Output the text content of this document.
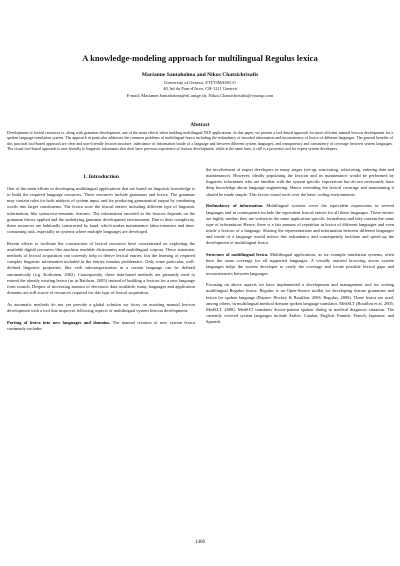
A knowledge-modeling approach for multilingual Regulus lexica
Marianne Santaholma and Nikos Chatzichrisafis
University of Geneva, ETI/TIM/ISSCO
40, bd du Pont-d'Arve, CH-1211 Geneva
E-mail: Marianne.Santaholma@eti.unige.ch; Nikos.Chatzichrisafis@vozzup.com
Abstract
Development of lexical resources is, along with grammar development, one of the main efforts when building multilingual NLP applications. In this paper, we present a tool-based approach for more efficient manual lexicon development for a spoken language translation system. The approach in particular addresses the common problems of multilingual lexica including the redundancy of encoded information and inconsistency of lexica of different languages. The general benefits of this practical tool-based approach are clear and user-friendly lexicon structure, inheritance of information inside of a language and between different system languages, and transparency and consistency of coverage between system languages. The visual tool-based approach is user-friendly to linguistic informants that don't have previous experience of lexicon development, while at the same time, it still is a powerful tool for expert system developers.
1. Introduction

One of the main efforts in developing multilingual applications that are based on linguistic knowledge is to build the required language resources. These resources include grammars and lexica. The grammar may contain rules for both analysis of system input, and for producing grammatical output by combining words into larger constituents. The lexica store the lexical entries including different type of linguistic information, like syntactico-semantic features. The information encoded in the lexicon depends on the grammar theory applied and the underlying grammar development environment. Due to their complexity, these resources are habitually constructed by hand, which makes maintenance labor-intensive and time-consuming task, especially in systems where multiple languages are developed.

Recent efforts to facilitate the construction of lexical resources have concentrated on exploiting the available digital resources like machine readable dictionaries and multilingual corpora. These automatic methods of lexical acquisition can currently help to derive lexical entries, but the learning of required complex linguistic information included in the entries remains problematic. Only some particular, well-defined linguistic properties, like verb subcategorization in a certain language can be defined automatically (e.g. Korhonen, 2002). Consequently, these data-based methods are primarily used to extend the already existing lexica (as in Baldwin, 2005) instead of building a lexicon for a new language from scratch. Despite of increasing amount of electronic data available, many languages and application domains are still scarce of resources required for this type of lexical acquisition.

As automatic methods do not yet provide a global solution we focus on assisting manual lexicon development with a tool that improves following aspects of multilingual system lexicon development:

Porting of lexica into new languages and domains. The manual creation of new system lexica commonly includes

the involvement of expert developers in many stages (set-up, structuring, refactoring, entering data and maintenance). However, ideally populating the lexicon and its maintenance would be performed by linguistic informants who are familiar with the system specific expressions but do not necessarily have deep knowledge about language engineering. Hence extending the lexical coverage and maintaining it should be made simple. This favors visual tools over the basic coding environments.

Redundancy of information. Multilingual systems cover the equivalent expressions in several languages and in consequence include the equivalent lexical entries for all these languages. These entries are highly similar; they are written in the same application specific formalisms and they contain the same type of information. Hence, there is a fair amount of repetition in lexica of different languages and even inside a lexicon of a language. Sharing the representations and information between different languages and inside of a language would reduce this redundancy and consequently facilitate and speed up the development of multilingual lexica.

Structure of multilingual lexica. Multilingual applications, as for example translation systems, often have the same coverage for all supported languages. A visually assisted browsing across system languages helps the system developer to verify the coverage and locate possible lexical gaps and inconsistencies between languages.

Focusing on above aspects we have implemented a development and management tool for writing multilingual Regulus lexica. Regulus is an Open-Source toolkit for developing feature grammars and lexica for spoken language (Rayner, Hockey & Bouillon, 2006, Regulus, 2008). These lexica are used, among others, in multilingual medical domain spoken language translator, MedSLT (Bouillon et al, 2005; MedSLT, 2008). MedSLT translates doctor-patient spoken dialog in medical diagnosis situation. The currently covered system languages include Arabic, Catalan, English, Finnish, French, Japanese, and Spanish.

1406
